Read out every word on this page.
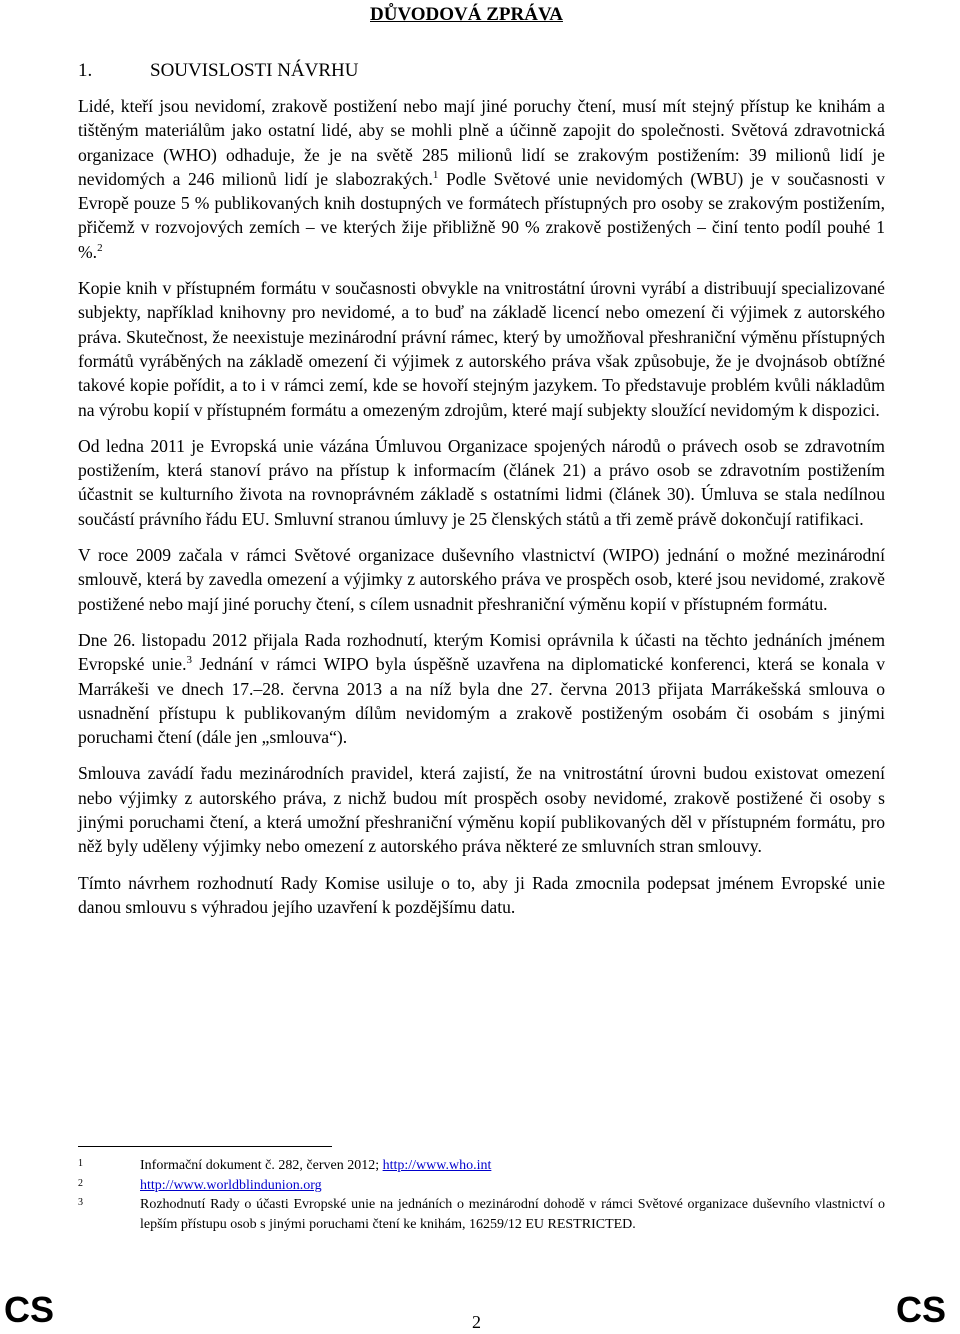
DŮVODOVÁ ZPRÁVA
1.	SOUVISLOSTI NÁVRHU

Lidé, kteří jsou nevidomí, zrakově postižení nebo mají jiné poruchy čtení, musí mít stejný přístup ke knihám a tištěným materiálům jako ostatní lidé, aby se mohli plně a účinně zapojit do společnosti. Světová zdravotnická organizace (WHO) odhaduje, že je na světě 285 milionů lidí se zrakovým postižením: 39 milionů lidí je nevidomých a 246 milionů lidí je slabozrakých.$^1$ Podle Světové unie nevidomých (WBU) je v současnosti v Evropě pouze 5 % publikovaných knih dostupných ve formátech přístupných pro osoby se zrakovým postižením, přičemž v rozvojových zemích – ve kterých žije přibližně 90 % zrakově postižených – činí tento podíl pouhé 1 %.$^2$

Kopie knih v přístupném formátu v současnosti obvykle na vnitrostátní úrovni vyrábí a distribuují specializované subjekty, například knihovny pro nevidomé, a to buď na základě licencí nebo omezení či výjimek z autorského práva. Skutečnost, že neexistuje mezinárodní právní rámec, který by umožňoval přeshraniční výměnu přístupných formátů vyráběných na základě omezení či výjimek z autorského práva však způsobuje, že je dvojnásob obtížné takové kopie pořídit, a to i v rámci zemí, kde se hovoří stejným jazykem. To představuje problém kvůli nákladům na výrobu kopií v přístupném formátu a omezeným zdrojům, které mají subjekty sloužící nevidomým k dispozici.

Od ledna 2011 je Evropská unie vázána Úmluvou Organizace spojených národů o právech osob se zdravotním postižením, která stanoví právo na přístup k informacím (článek 21) a právo osob se zdravotním postižením účastnit se kulturního života na rovnoprávném základě s ostatními lidmi (článek 30). Úmluva se stala nedílnou součástí právního řádu EU. Smluvní stranou úmluvy je 25 členských států a tři země právě dokončují ratifikaci.

V roce 2009 začala v rámci Světové organizace duševního vlastnictví (WIPO) jednání o možné mezinárodní smlouvě, která by zavedla omezení a výjimky z autorského práva ve prospěch osob, které jsou nevidomé, zrakově postižené nebo mají jiné poruchy čtení, s cílem usnadnit přeshraniční výměnu kopií v přístupném formátu.

Dne 26. listopadu 2012 přijala Rada rozhodnutí, kterým Komisi oprávnila k účasti na těchto jednáních jménem Evropské unie.$^3$ Jednání v rámci WIPO byla úspěšně uzavřena na diplomatické konferenci, která se konala v Marrákeši ve dnech 17.–28. června 2013 a na níž byla dne 27. června 2013 přijata Marrákešská smlouva o usnadnění přístupu k publikovaným dílům nevidomým a zrakově postiženým osobám či osobám s jinými poruchami čtení (dále jen „smlouva“).

Smlouva zavádí řadu mezinárodních pravidel, která zajistí, že na vnitrostátní úrovni budou existovat omezení nebo výjimky z autorského práva, z nichž budou mít prospěch osoby nevidomé, zrakově postižené či osoby s jinými poruchami čtení, a která umožní přeshraniční výměnu kopií publikovaných děl v přístupném formátu, pro něž byly uděleny výjimky nebo omezení z autorského práva některé ze smluvních stran smlouvy.

Tímto návrhem rozhodnutí Rady Komise usiluje o to, aby ji Rada zmocnila podepsat jménem Evropské unie danou smlouvu s výhradou jejího uzavření k pozdějšímu datu.

1	Informační dokument č. 282, červen 2012; http://www.who.int
2	http://www.worldblindunion.org
3	Rozhodnutí Rady o účasti Evropské unie na jednáních o mezinárodní dohodě v rámci Světové organizace duševního vlastnictví o lepším přístupu osob s jinými poruchami čtení ke knihám, 16259/12 EU RESTRICTED.
CS	2	CS
